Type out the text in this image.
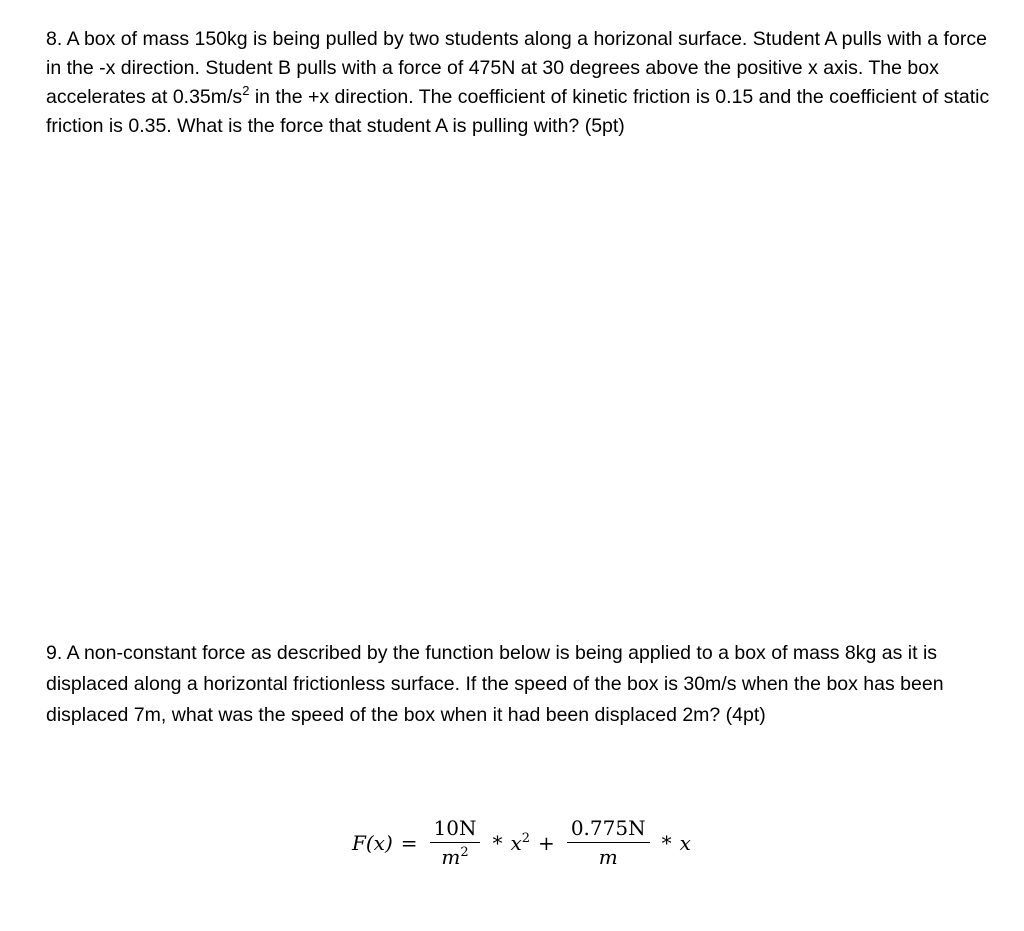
8. A box of mass 150kg is being pulled by two students along a horizonal surface. Student A pulls with a force in the -x direction. Student B pulls with a force of 475N at 30 degrees above the positive x axis. The box accelerates at $0.35m/s^2$ in the +x direction. The coefficient of kinetic friction is 0.15 and the coefficient of static friction is 0.35. What is the force that student A is pulling with? (5pt)

9. A non-constant force as described by the function below is being applied to a box of mass 8kg as it is displaced along a horizontal frictionless surface. If the speed of the box is 30m/s when the box has been displaced 7m, what was the speed of the box when it had been displaced 2m? (4pt)

$F(x) = \frac{10N}{m^2} * x^2 + \frac{0.775N}{m} * x$
